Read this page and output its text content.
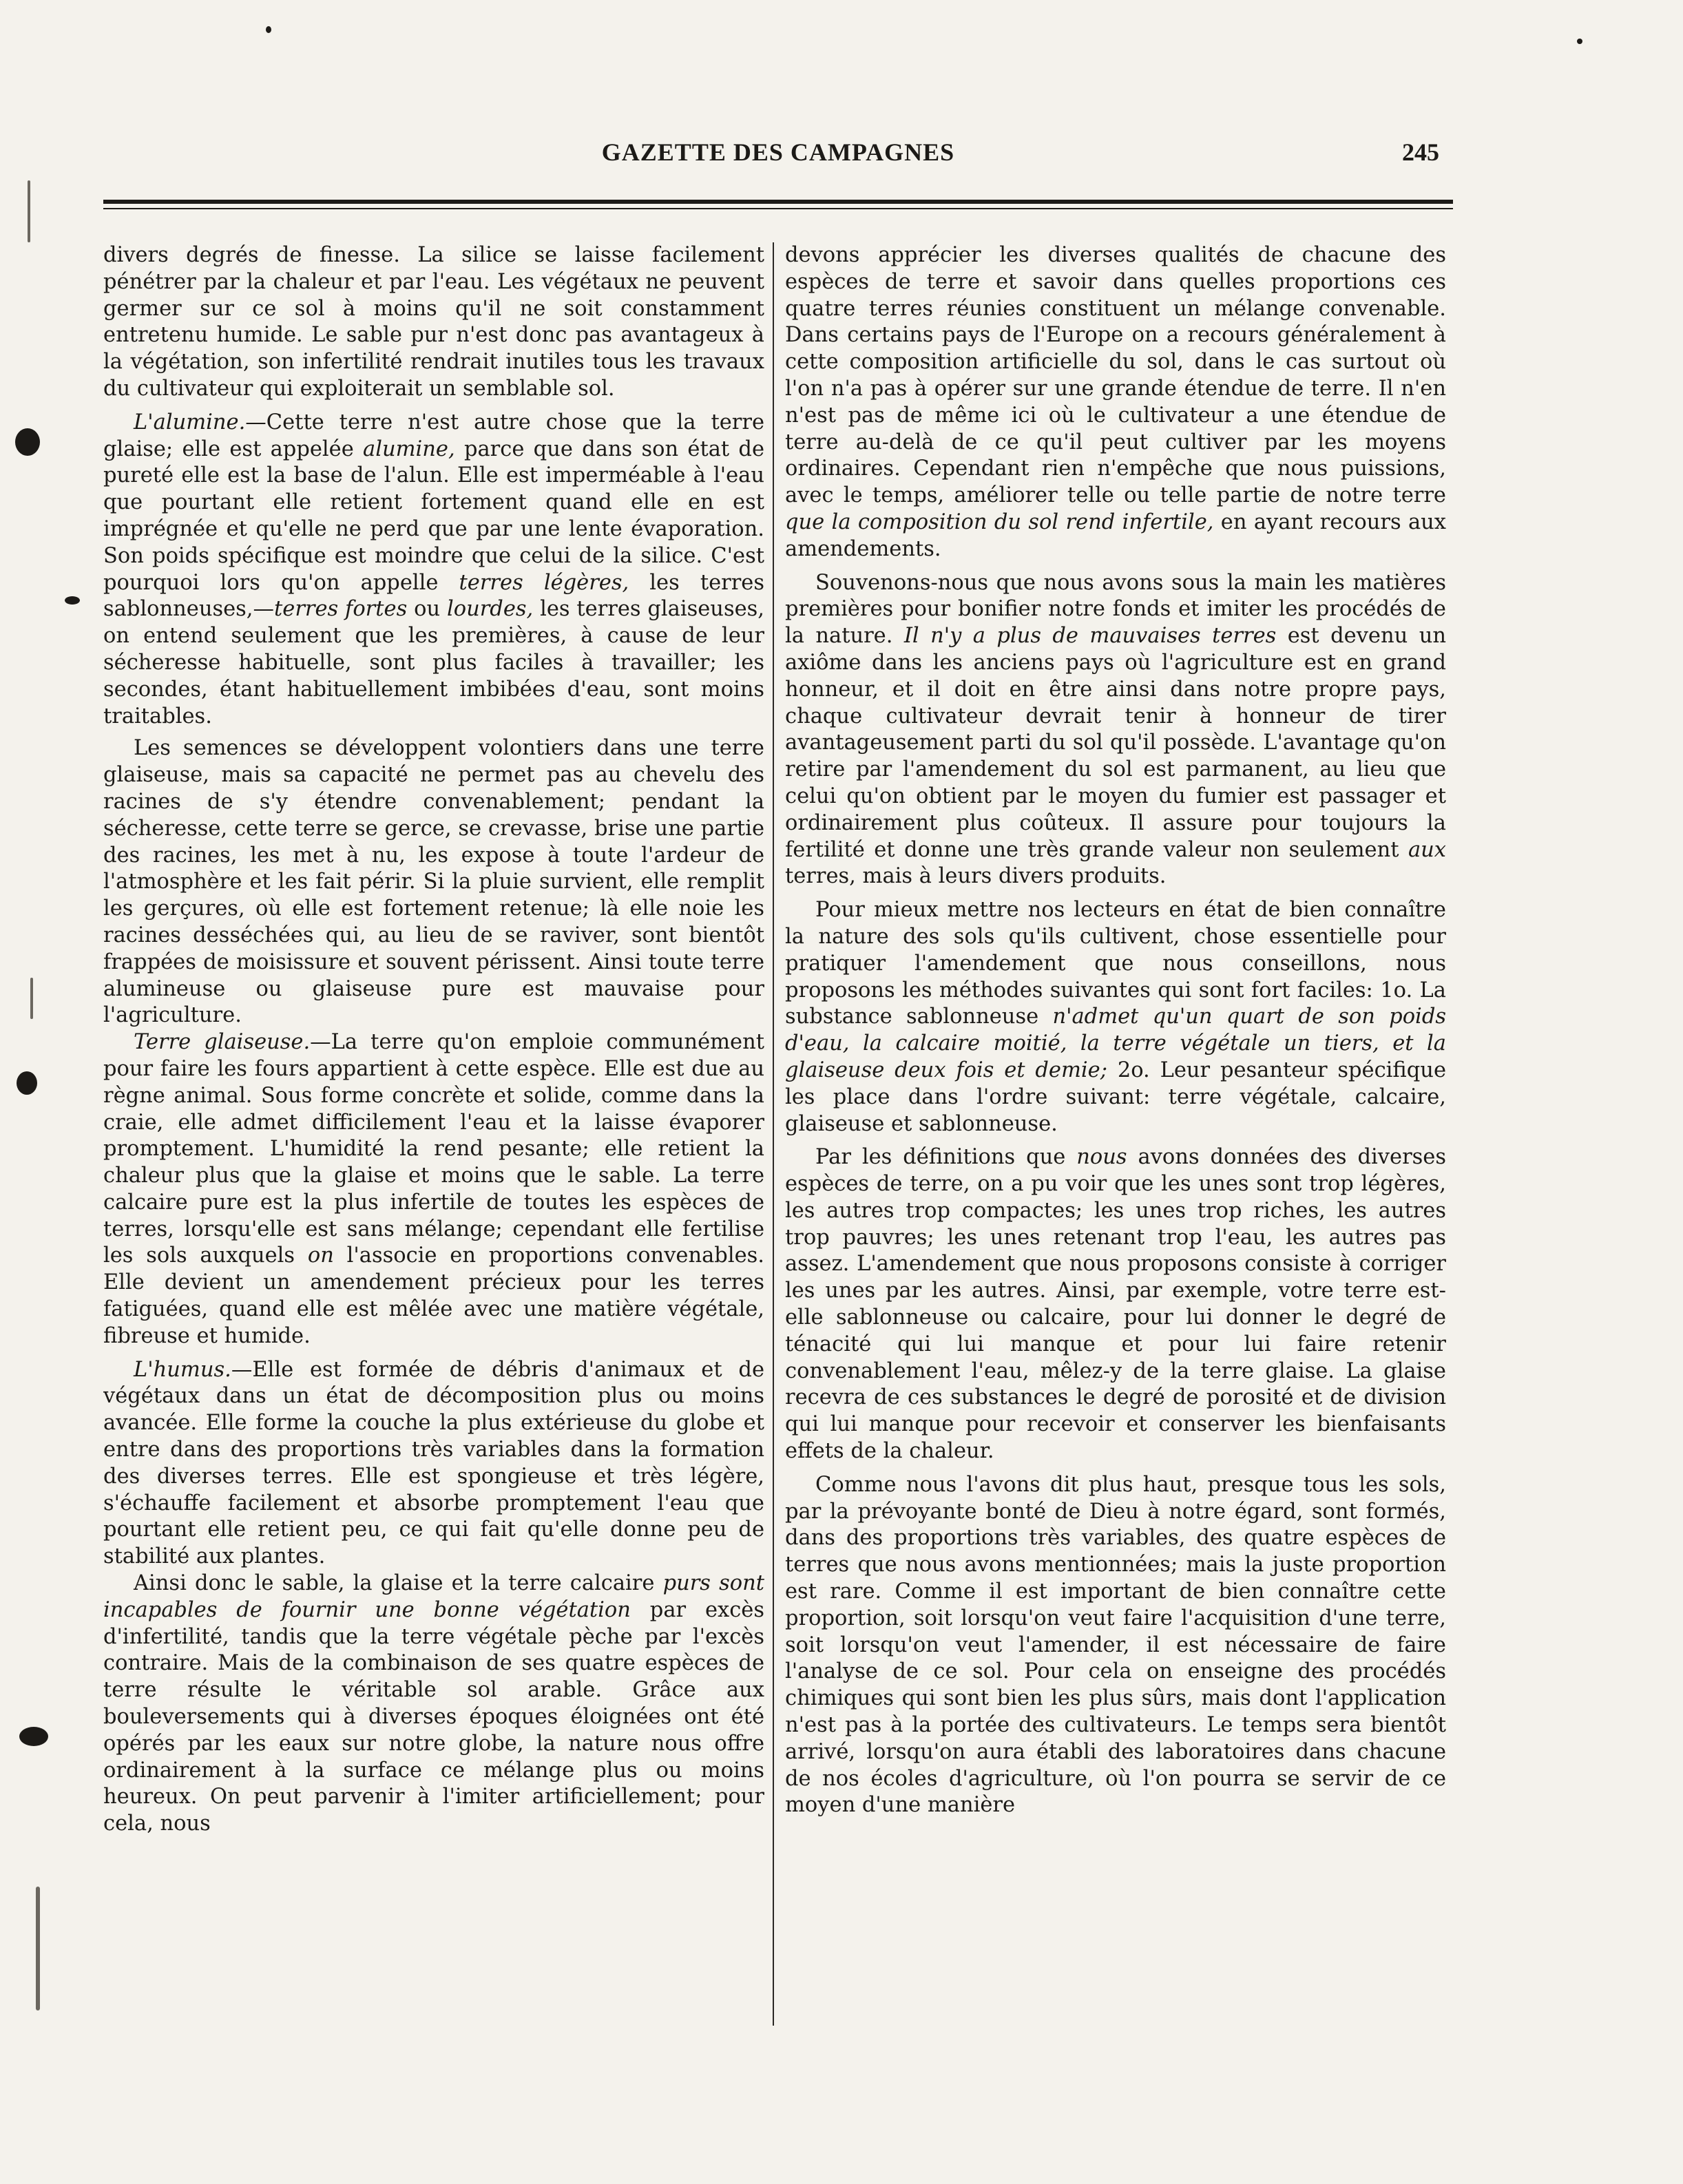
GAZETTE DES CAMPAGNES	245

divers degrés de finesse. La silice se laisse facilement pénétrer par la chaleur et par l'eau. Les végétaux ne peuvent germer sur ce sol à moins qu'il ne soit constamment entretenu humide. Le sable pur n'est donc pas avantageux à la végétation, son infertilité rendrait inutiles tous les travaux du cultivateur qui exploiterait un semblable sol.

L'alumine.—Cette terre n'est autre chose que la terre glaise; elle est appelée alumine, parce que dans son état de pureté elle est la base de l'alun. Elle est imperméable à l'eau que pourtant elle retient fortement quand elle en est imprégnée et qu'elle ne perd que par une lente évaporation. Son poids spécifique est moindre que celui de la silice. C'est pourquoi lors qu'on appelle terres légères, les terres sablonneuses,—terres fortes ou lourdes, les terres glaiseuses, on entend seulement que les premières, à cause de leur sécheresse habituelle, sont plus faciles à travailler; les secondes, étant habituellement imbibées d'eau, sont moins traitables.

Les semences se développent volontiers dans une terre glaiseuse, mais sa capacité ne permet pas au chevelu des racines de s'y étendre convenablement; pendant la sécheresse, cette terre se gerce, se crevasse, brise une partie des racines, les met à nu, les expose à toute l'ardeur de l'atmosphère et les fait périr. Si la pluie survient, elle remplit les gerçures, où elle est fortement retenue; là elle noie les racines desséchées qui, au lieu de se raviver, sont bientôt frappées de moisissure et souvent périssent. Ainsi toute terre alumineuse ou glaiseuse pure est mauvaise pour l'agriculture.

Terre glaiseuse.—La terre qu'on emploie communément pour faire les fours appartient à cette espèce. Elle est due au règne animal. Sous forme concrète et solide, comme dans la craie, elle admet difficilement l'eau et la laisse évaporer promptement. L'humidité la rend pesante; elle retient la chaleur plus que la glaise et moins que le sable. La terre calcaire pure est la plus infertile de toutes les espèces de terres, lorsqu'elle est sans mélange; cependant elle fertilise les sols auxquels on l'associe en proportions convenables. Elle devient un amendement précieux pour les terres fatiguées, quand elle est mêlée avec une matière végétale, fibreuse et humide.

L'humus.—Elle est formée de débris d'animaux et de végétaux dans un état de décomposition plus ou moins avancée. Elle forme la couche la plus extérieuse du globe et entre dans des proportions très variables dans la formation des diverses terres. Elle est spongieuse et très légère, s'échauffe facilement et absorbe promptement l'eau que pourtant elle retient peu, ce qui fait qu'elle donne peu de stabilité aux plantes.

Ainsi donc le sable, la glaise et la terre calcaire purs sont incapables de fournir une bonne végétation par excès d'infertilité, tandis que la terre végétale pèche par l'excès contraire. Mais de la combinaison de ses quatre espèces de terre résulte le véritable sol arable. Grâce aux bouleversements qui à diverses époques éloignées ont été opérés par les eaux sur notre globe, la nature nous offre ordinairement à la surface ce mélange plus ou moins heureux. On peut parvenir à l'imiter artificiellement; pour cela, nous

devons apprécier les diverses qualités de chacune des espèces de terre et savoir dans quelles proportions ces quatre terres réunies constituent un mélange convenable. Dans certains pays de l'Europe on a recours généralement à cette composition artificielle du sol, dans le cas surtout où l'on n'a pas à opérer sur une grande étendue de terre. Il n'en n'est pas de même ici où le cultivateur a une étendue de terre au-delà de ce qu'il peut cultiver par les moyens ordinaires. Cependant rien n'empêche que nous puissions, avec le temps, améliorer telle ou telle partie de notre terre que la composition du sol rend infertile, en ayant recours aux amendements.

Souvenons-nous que nous avons sous la main les matières premières pour bonifier notre fonds et imiter les procédés de la nature. Il n'y a plus de mauvaises terres est devenu un axiôme dans les anciens pays où l'agriculture est en grand honneur, et il doit en être ainsi dans notre propre pays, chaque cultivateur devrait tenir à honneur de tirer avantageusement parti du sol qu'il possède. L'avantage qu'on retire par l'amendement du sol est parmanent, au lieu que celui qu'on obtient par le moyen du fumier est passager et ordinairement plus coûteux. Il assure pour toujours la fertilité et donne une très grande valeur non seulement aux terres, mais à leurs divers produits.

Pour mieux mettre nos lecteurs en état de bien connaître la nature des sols qu'ils cultivent, chose essentielle pour pratiquer l'amendement que nous conseillons, nous proposons les méthodes suivantes qui sont fort faciles: 1o. La substance sablonneuse n'admet qu'un quart de son poids d'eau, la calcaire moitié, la terre végétale un tiers, et la glaiseuse deux fois et demie; 2o. Leur pesanteur spécifique les place dans l'ordre suivant: terre végétale, calcaire, glaiseuse et sablonneuse.

Par les définitions que nous avons données des diverses espèces de terre, on a pu voir que les unes sont trop légères, les autres trop compactes; les unes trop riches, les autres trop pauvres; les unes retenant trop l'eau, les autres pas assez. L'amendement que nous proposons consiste à corriger les unes par les autres. Ainsi, par exemple, votre terre est-elle sablonneuse ou calcaire, pour lui donner le degré de ténacité qui lui manque et pour lui faire retenir convenablement l'eau, mêlez-y de la terre glaise. La glaise recevra de ces substances le degré de porosité et de division qui lui manque pour recevoir et conserver les bienfaisants effets de la chaleur.

Comme nous l'avons dit plus haut, presque tous les sols, par la prévoyante bonté de Dieu à notre égard, sont formés, dans des proportions très variables, des quatre espèces de terres que nous avons mentionnées; mais la juste proportion est rare. Comme il est important de bien connaître cette proportion, soit lorsqu'on veut faire l'acquisition d'une terre, soit lorsqu'on veut l'amender, il est nécessaire de faire l'analyse de ce sol. Pour cela on enseigne des procédés chimiques qui sont bien les plus sûrs, mais dont l'application n'est pas à la portée des cultivateurs. Le temps sera bientôt arrivé, lorsqu'on aura établi des laboratoires dans chacune de nos écoles d'agriculture, où l'on pourra se servir de ce moyen d'une manière
